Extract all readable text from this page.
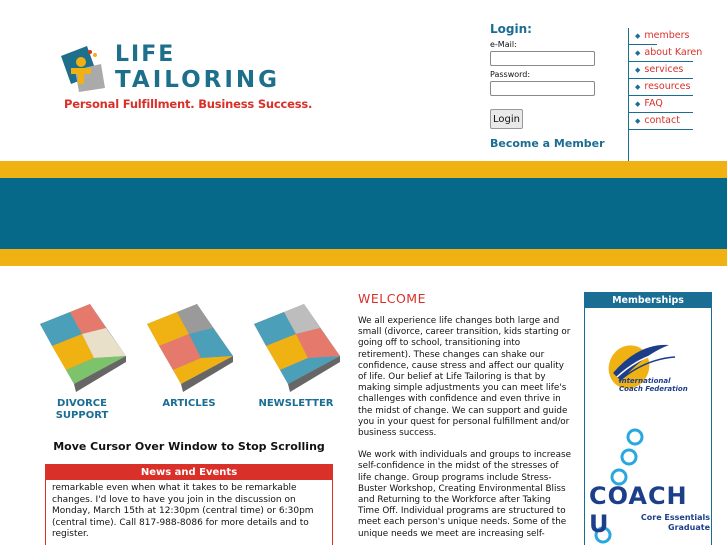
LIFE
TAILORING
Personal Fulfillment. Business Success.
Login:
e-Mail:
Password:
Login
Become a Member
◆ members
◆ about Karen
◆ services
◆ resources
◆ FAQ
◆ contact
DIVORCE
SUPPORT
ARTICLES	NEWSLETTER
Move Cursor Over Window to Stop Scrolling
News and Events
remarkable even when what it takes to be remarkable changes. I'd love to have you join in the discussion on Monday, March 15th at 12:30pm (central time) or 6:30pm (central time). Call 817-988-8086 for more details and to register.
WELCOME

We all experience life changes both large and small (divorce, career transition, kids starting or going off to school, transitioning into retirement). These changes can shake our confidence, cause stress and affect our quality of life. Our belief at Life Tailoring is that by making simple adjustments you can meet life's challenges with confidence and even thrive in the midst of change. We can support and guide you in your quest for personal fulfillment and/or business success.

We work with individuals and groups to increase self-confidence in the midst of the stresses of life change. Group programs include Stress-Buster Workshop, Creating Environmental Bliss and Returning to the Workforce after Taking Time Off. Individual programs are structured to meet each person's unique needs. Some of the unique needs we meet are increasing self-

Memberships
International
Coach Federation
COACH U	Core Essentials
Graduate
